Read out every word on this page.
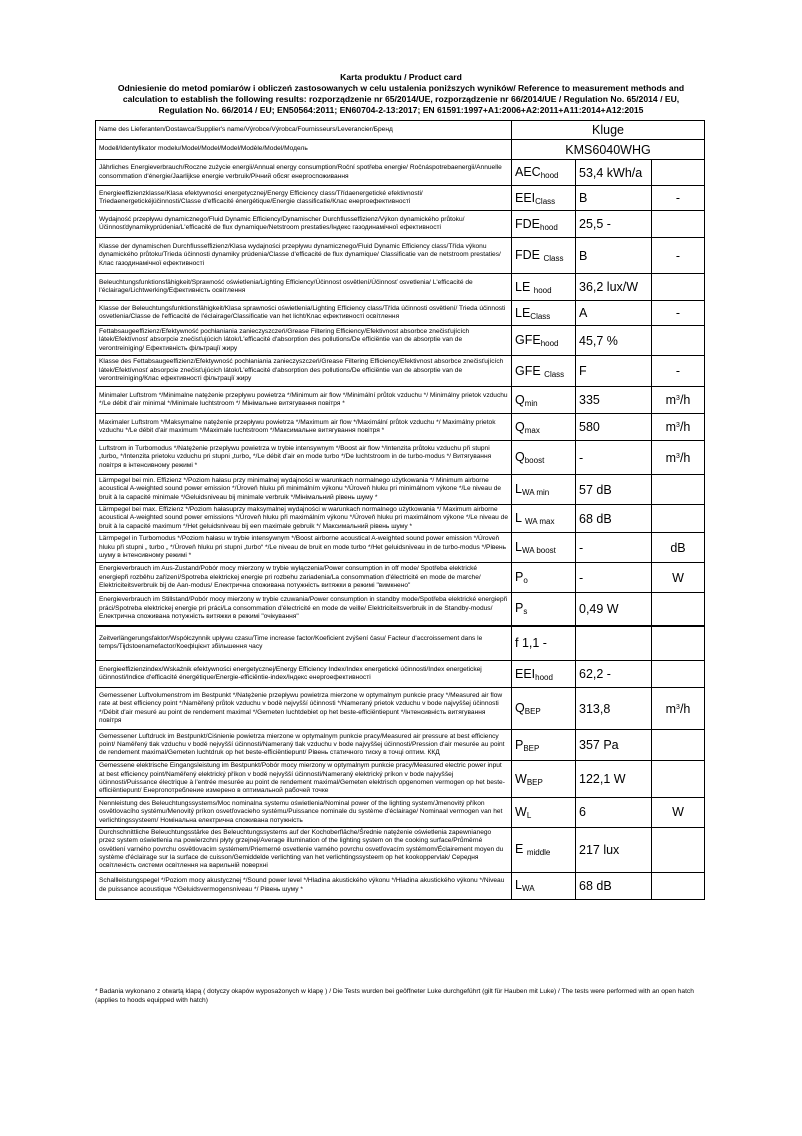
Karta produktu / Product card
Odniesienie do metod pomiarów i obliczeń zastosowanych w celu ustalenia poniższych wyników/ Reference to measurement methods and
calculation to establish the following results: rozporządzenie nr 65/2014/UE, rozporządzenie nr 66/2014/UE / Regulation No. 65/2014 / EU,
Regulation No. 66/2014 / EU; EN50564:2011; EN60704-2-13:2017; EN 61591:1997+A1:2006+A2:2011+A11:2014+A12:2015
Name des Lieferanten/Dostawca/Supplier's name/Výrobce/Výrobca/Fournisseurs/Leverancier/Бренд	Kluge		
Modell/Identyfikator modelu/Model/Model/Model/Modèle/Model/Модель	KMS6040WHG		
Jährliches Energieverbrauch/Roczne zużycie energii/Annual energy consumption/Roční spotřeba energie/ Ročnáspotrebaenergii/Annuelle consommation d'énergie/Jaarlijkse energie verbruik/Річний обсяг енергоспоживання	$AEC_{hood}$	53,4 kWh/a	
Energieeffizienzklasse/Klasa efektywności energetycznej/Energy Efficiency class/Třídaenergetické efektivnosti/ Triedaenergetickéjúčinnosti/Classe d'efficacité énergétique/Energie classificatie/Клас енергоефективності	$EEI_{Class}$	B	-
Wydajność przepływu dynamicznego/Fluid Dynamic Efficiency/Dynamischer Durchflusseffizienz/Výkon dynamického průtoku/ Účinnosťdynamikyprúdenia/L'efficacité de flux dynamique/Netstroom prestaties/Індекс газодинамічної ефективності	$FDE_{hood}$	25,5 -	
Klasse der dynamischen Durchflusseffizienz/Klasa wydajności przepływu dynamicznego/Fluid Dynamic Efficiency class/Třída výkonu dynamického průtoku/Trieda účinnosti dynamiky prúdenia/Classe d'efficacité de flux dynamique/ Classificatie van de netstroom prestaties/Клас газодинамічної ефективності	FDE $_{Class}$	B	-
Beleuchtungsfunktionsfähigkeit/Sprawność oświetlenia/Lighting Efficiency/Účinnost osvětlení/Účinnosť osvetlenia/ L'efficacité de l'éclairage/Lichtwerking/Ефективність освітлення	LE $_{hood}$	36,2 lux/W	
Klasse der Beleuchtungsfunktionsfähigkeit/Klasa sprawności oświetlenia/Lighting Efficiency class/Třída účinnosti osvětlení/ Trieda účinnosti osvetlenia/Classe de l'efficacité de l'éclairage/Classificatie van het licht/Клас ефективності освітлення	$LE_{Class}$	A	-
Fettabsaugeeffizienz/Efektywność pochłaniania zanieczyszczeń/Grease Filtering Efficiency/Efektivnost absorbce znečisťujících látek/Efektívnosť absorpcie znečisťujúcich látok/L'efficacité d'absorption des pollutions/De efficiëntie van de absorptie van de verontreiniging/ Ефективність фільтрації жиру	$GFE_{hood}$	45,7 %	
Klasse des Fettabsaugeeffizienz/Efektywność pochłaniania zanieczyszczeń/Grease Filtering Efficiency/Efektivnost absorbce znečisťujících látek/Efektívnosť absorpcie znečisťujúcich látok/L'efficacité d'absorption des pollutions/De efficiëntie van de absorptie van de verontreiniging/Клас ефективності фільтрації жиру	GFE $_{Class}$	F	-
Minimaler Luftstrom */Minimalne natężenie przepływu powietrza */Minimum air flow */Minimální průtok vzduchu */ Minimálny prietok vzduchu */Le débit d'air minimal */Minimale luchtstroom */ Мінімальне витягування повітря *	$Q_{min}$	335	$m^3/h$
Maximaler Luftstrom */Maksymalne natężenie przepływu powietrza */Maximum air flow */Maximální průtok vzduchu */ Maximálny prietok vzduchu */Le débit d'air maximum */Maximale luchtstroom */Максимальне витягування повітря *	$Q_{max}$	580	$m^3/h$
Luftstrom in Turbomodus */Natężenie przepływu powietrza w trybie intensywnym */Boost air flow */Intenzita průtoku vzduchu při stupni „turbo„ */Intenzita prietoku vzduchu pri stupni „turbo„ */Le débit d'air en mode turbo */De luchtstroom in de turbo-modus */ Витягування повітря в інтенсивному режимі *	$Q_{boost}$	-	$m^3/h$
Lärmpegel bei min. Effizienz */Poziom hałasu przy minimalnej wydajności w warunkach normalnego użytkowania */ Minimum airborne acoustical A-weighted sound power emission */Úroveň hluku při minimálním výkonu */Úroveň hluku pri minimálnom výkone */Le niveau de bruit à la capacité minimale */Geluidsniveau bij minimale verbruik */Мінімальний рівень шуму *	$L_{WA min}$	57 dB	
Lärmpegel bei max. Effizienz */Poziom hałasuprzy maksymalnej wydajności w warunkach normalnego użytkowania */ Maximum airborne acoustical A-weighted sound power emissions */Úroveň hluku při maximálním výkonu */Úroveň hluku pri maximálnom výkone */Le niveau de bruit à la capacité maximum */Het geluidsniveau bij een maximale gebruik */ Максимальний рівень шуму *	L $_{WA max}$	68 dB	
Lärmpegel in Turbomodus */Poziom hałasu w trybie intensywnym */Boost airborne acoustical A-weighted sound power emission */Úroveň hluku při stupni „ turbo „ */Úroveň hluku pri stupni „turbo“ */Le niveau de bruit en mode turbo */Het geluidsniveau in de turbo-modus */Рівень шуму в інтенсивному режимі *	$L_{WA boost}$	-	dB
Energieverbrauch im Aus-Zustand/Pobór mocy mierzony w trybie wyłączenia/Power consumption in off mode/ Spotřeba elektrické energiepři rozběhu zařízení/Spotreba elektrickej energie pri rozbehu zariadenia/La consommation d'électricité en mode de marche/ Elektriciteitsverbruik bij de Aan-modus/ Електрична споживана потужність витяжки в режимі "вимкнено"	$P_o$	-	W
Energieverbrauch im Stillstand/Pobór mocy mierzony w trybie czuwania/Power consumption in standby mode/Spotřeba elektrické energiepři práci/Spotreba elektrickej energie pri práci/La consommation d'électricité en mode de veille/ Elektriciteitsverbruik in de Standby-modus/Електрична споживана потужність витяжки в режимі "очікування"	$P_s$	0,49 W	
Zeitverlängerungsfaktor/Współczynnik upływu czasu/Time increase factor/Koeficient zvýšení času/ Facteur d'accroissement dans le temps/Tijdstoenamefactor/Коефіцієнт збільшення часу	f 1,1 -		
Energieeffizienzindex/Wskaźnik efektywności energetycznej/Energy Efficiency Index/Index energetické účinnosti/Index energetickej účinnosti/Indice d'efficacité énergétique/Energie-efficiëntie-index/Індекс енергоефективності	$EEI_{hood}$	62,2 -	
Gemessener Luftvolumenstrom im Bestpunkt */Natężenie przepływu powietrza mierzone w optymalnym punkcie pracy */Measured air flow rate at best efficiency point */Naměřený průtok vzduchu v bodě nejvyšší účinnosti */Nameraný prietok vzduchu v bode najvyššej účinnosti */Débit d'air mesuré au point de rendement maximal */Gemeten luchtdebiet op het beste-efficiëntiepunt */Інтенсивність витягування повітря	$Q_{BEP}$	313,8	$m^3/h$
Gemessener Luftdruck im Bestpunkt/Ciśnienie powietrza mierzone w optymalnym punkcie pracy/Measured air pressure at best efficiency point/ Naměřený tlak vzduchu v bodě nejvyšší účinnosti/Nameraný tlak vzduchu v bode najvyššej účinnosti/Pression d'air mesurée au point de rendement maximal/Gemeten luchtdruk op het beste-efficiëntiepunt/ Рівень статичного тиску в точці оптим. ККД	$P_{BEP}$	357 Pa	
Gemessene elektrische Eingangsleistung im Bestpunkt/Pobór mocy mierzony w optymalnym punkcie pracy/Measured electric power input at best efficiency point/Naměřený elektrický příkon v bodě nejvyšší účinnosti/Nameraný elektrický príkon v bode najvyššej účinnosti/Puissance électrique à l'entrée mesurée au point de rendement maximal/Gemeten elektrisch opgenomen vermogen op het beste- efficiëntiepunt/ Енергопотреблениe измерено в оптимальной рабочей точке	$W_{BEP}$	122,1 W	
Nennleistung des Beleuchtungssystems/Moc nominalna systemu oświetlenia/Nominal power of the lighting system/Jmenovitý příkon osvětlovacího systému/Menovitý príkon osvetľovacieho systému/Puissance nominale du système d'éclairage/ Nominaal vermogen van het verlichtingssysteem/ Номінальна електрична споживана потужність	$W_L$	6	W
Durchschnittliche Beleuchtungsstärke des Beleuchtungssystems auf der Kochoberfläche/Średnie natężenie oświetlenia zapewnianego przez system oświetlenia na powierzchni płyty grzejnej/Average illumination of the lighting system on the cooking surface/Průměrné osvětlení varného povrchu osvětlovacím systémem/Priemerné osvetlenie varného povrchu osvetľovacím systémom/Éclairement moyen du système d'éclairage sur la surface de cuisson/Gemiddelde verlichting van het verlichtingssysteem op het kookoppervlak/ Середня освітленість системи освітлення на варильній поверхні	E $_{middle}$	217 lux	
Schallleistungspegel */Poziom mocy akustycznej */Sound power level */Hladina akustického výkonu */Hladina akustického výkonu */Niveau de puissance acoustique */Geluidsvermogensniveau */ Рівень шуму *	$L_{WA}$	68 dB	
* Badania wykonano z otwartą klapą ( dotyczy okapów wyposażonych w klapę ) / Die Tests wurden bei geöffneter Luke durchgeführt (gilt für Hauben mit Luke) / The tests were performed with an open hatch (applies to hoods equipped with hatch)
